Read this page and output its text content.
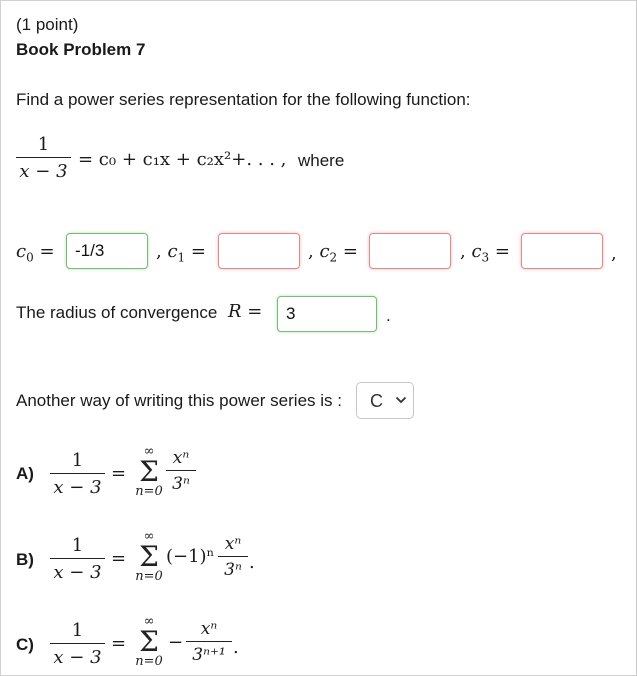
(1 point)
Book Problem 7
Find a power series representation for the following function:
1
x − 3
= c₀ + c₁x + c₂x²+. . . , where
$c_0$ =	-1/3	, $c_1$ =	, $c_2$ =	, $c_3$ =	,
The radius of convergence R =	3	.
Another way of writing this power series is : C
A)
1
x − 3
=
∞
Σ
n=0
xⁿ
3ⁿ
B)
1
x − 3
=
∞
Σ
n=0
(−1)ⁿ
xⁿ
3ⁿ .
C)
1
x − 3
=
∞
Σ
n=0
−
xⁿ
3ⁿ⁺¹ .
